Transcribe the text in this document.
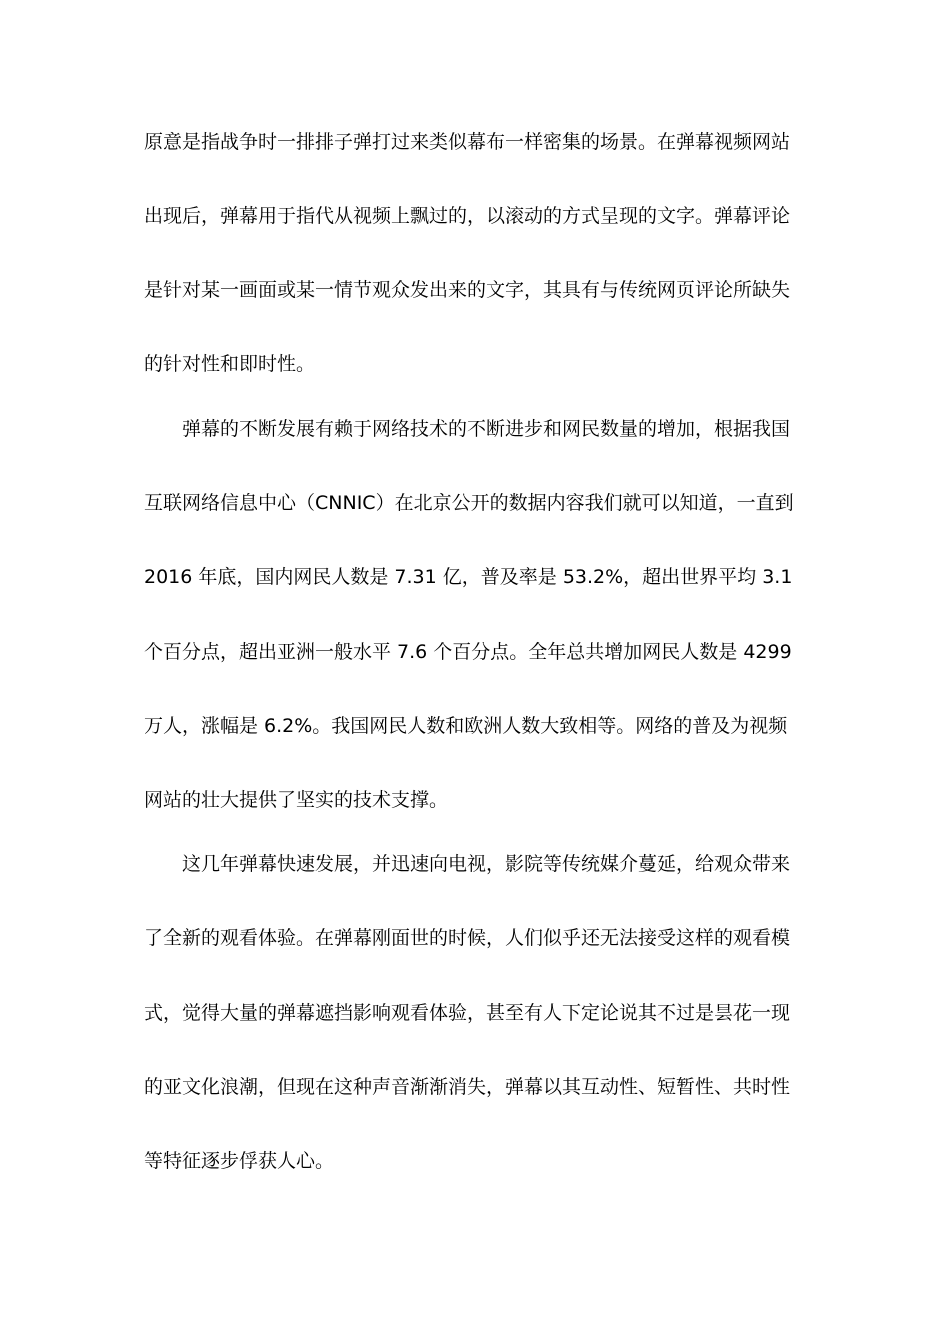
原意是指战争时一排排子弹打过来类似幕布一样密集的场景。在弹幕视频网站
出现后，弹幕用于指代从视频上飘过的，以滚动的方式呈现的文字。弹幕评论
是针对某一画面或某一情节观众发出来的文字，其具有与传统网页评论所缺失
的针对性和即时性。
弹幕的不断发展有赖于网络技术的不断进步和网民数量的增加，根据我国
互联网络信息中心（CNNIC）在北京公开的数据内容我们就可以知道，一直到
2016 年底，国内网民人数是 7.31 亿，普及率是 53.2%，超出世界平均 3.1
个百分点，超出亚洲一般水平 7.6 个百分点。全年总共增加网民人数是 4299
万人，涨幅是 6.2%。我国网民人数和欧洲人数大致相等。网络的普及为视频
网站的壮大提供了坚实的技术支撑。
这几年弹幕快速发展，并迅速向电视，影院等传统媒介蔓延，给观众带来
了全新的观看体验。在弹幕刚面世的时候，人们似乎还无法接受这样的观看模
式，觉得大量的弹幕遮挡影响观看体验，甚至有人下定论说其不过是昙花一现
的亚文化浪潮，但现在这种声音渐渐消失，弹幕以其互动性、短暂性、共时性
等特征逐步俘获人心。
